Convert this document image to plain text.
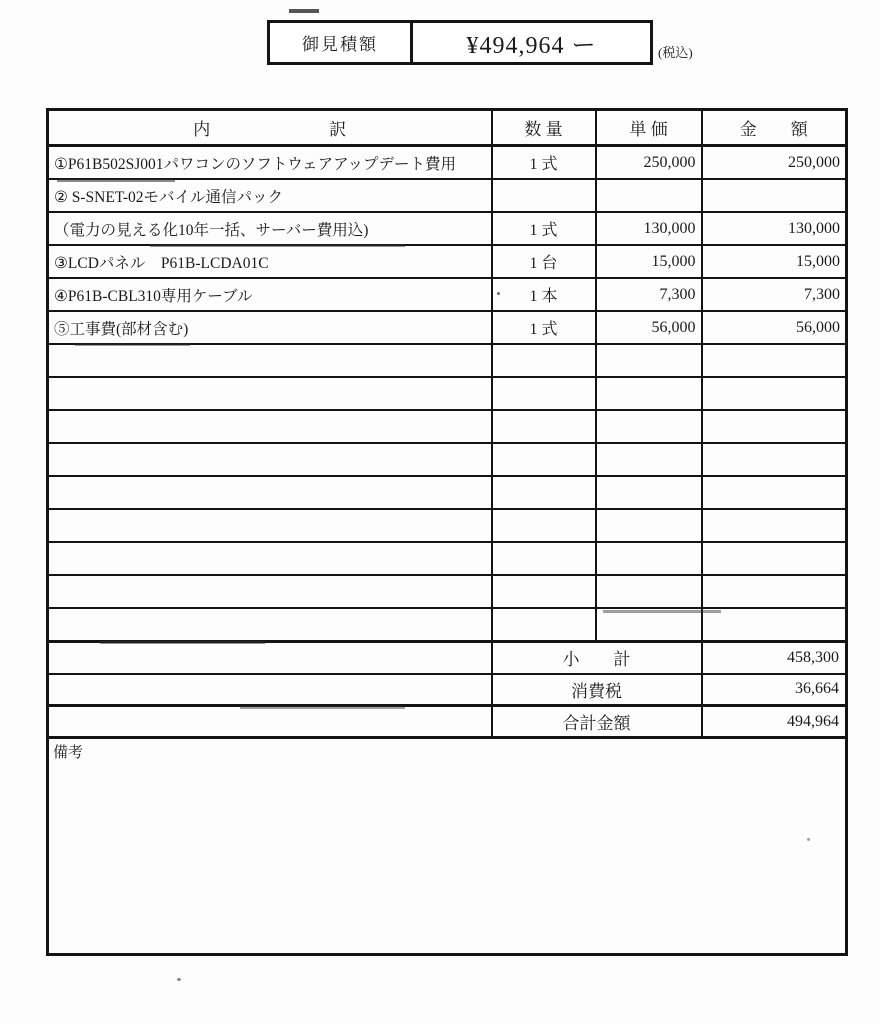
御見積額	¥494,964 ー	(税込)
内　　　　　　　訳	数 量	単 価	金　　額
①P61B502SJ001パワコンのソフトウェアアップデート費用	1 式	250,000	250,000
② S-SNET-02モバイル通信パック			
（電力の見える化10年一括、サーバー費用込)	1 式	130,000	130,000
③LCDパネル　P61B-LCDA01C	1 台	15,000	15,000
④P61B-CBL310専用ケーブル	1 本	7,300	7,300
⑤工事費(部材含む)	1 式	56,000	56,000

	小　　計		458,300
	消費税		36,664
	合計金額		494,964
備考			
